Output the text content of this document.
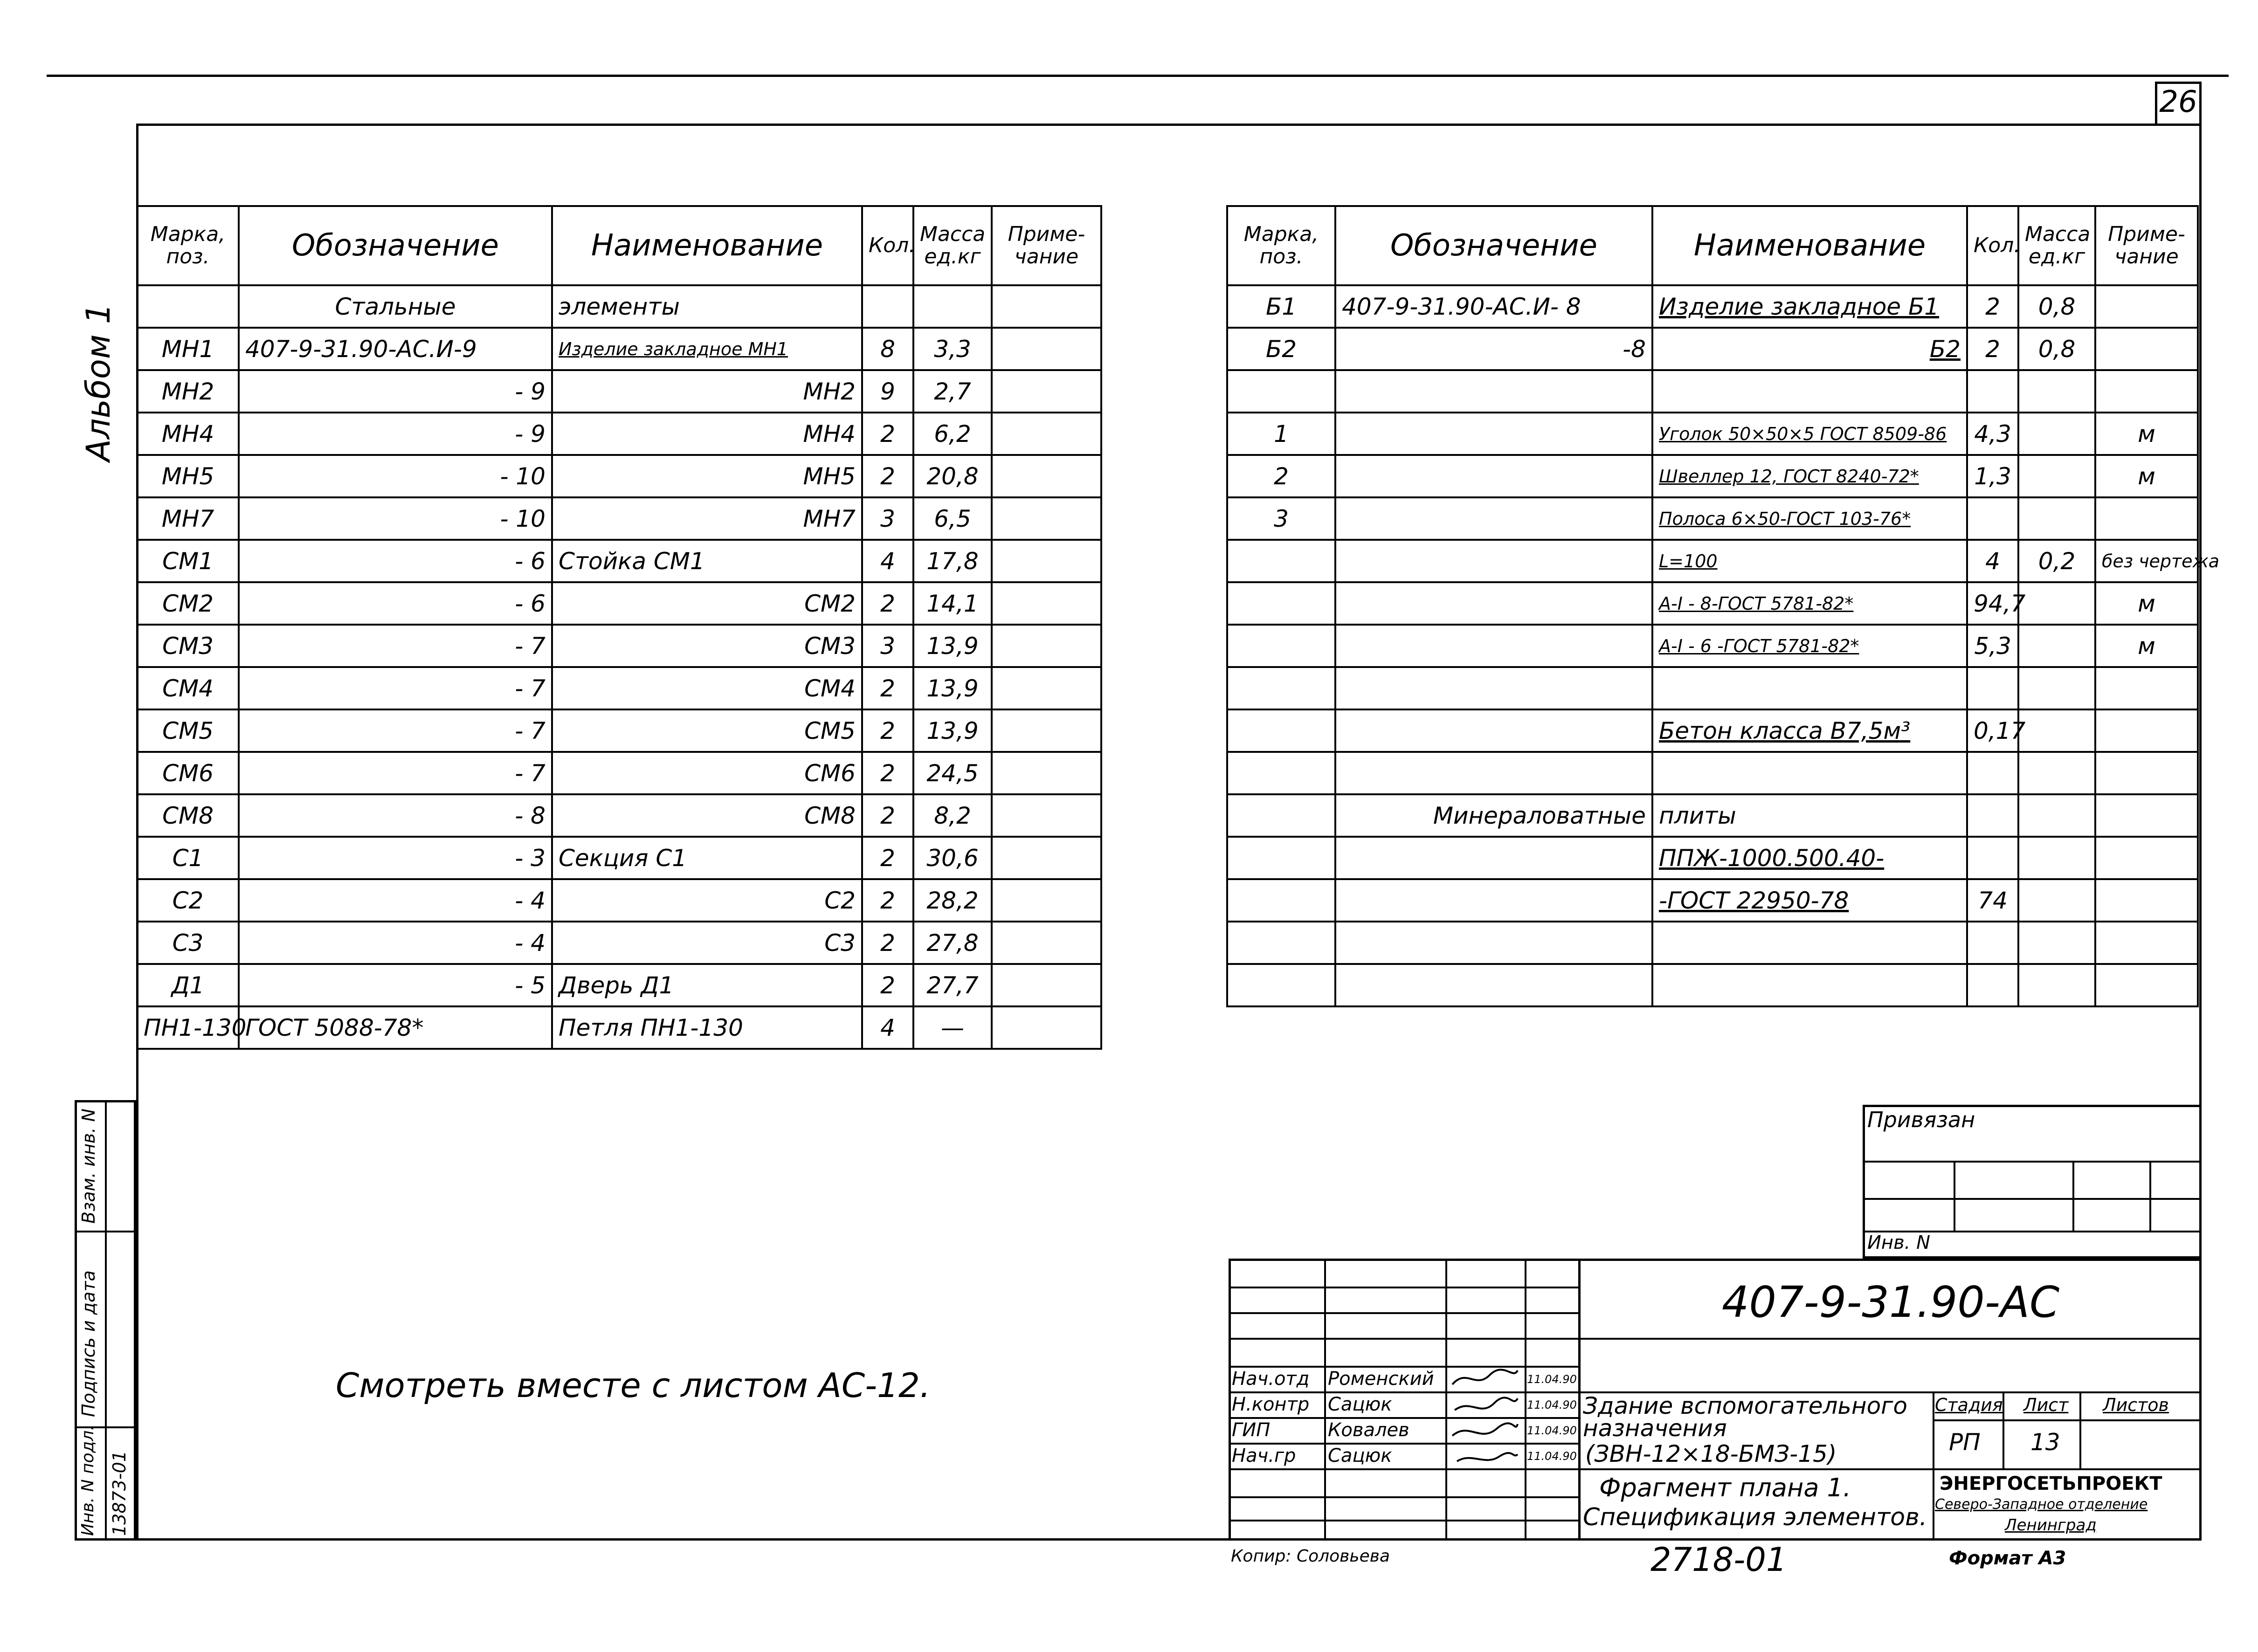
26
Альбом 1
Марка, поз.	Обозначение	Наименование	Кол.	Масса ед.кг	Приме- чание
	Стальные	элементы			
МН1	407-9-31.90-АС.И-9	Изделие закладное МН1	8	3,3	
МН2	- 9	МН2	9	2,7	
МН4	- 9	МН4	2	6,2	
МН5	- 10	МН5	2	20,8	
МН7	- 10	МН7	3	6,5	
СМ1	- 6	Стойка СМ1	4	17,8	
СМ2	- 6	СМ2	2	14,1	
СМ3	- 7	СМ3	3	13,9	
СМ4	- 7	СМ4	2	13,9	
СМ5	- 7	СМ5	2	13,9	
СМ6	- 7	СМ6	2	24,5	
СМ8	- 8	СМ8	2	8,2	
С1	- 3	Секция С1	2	30,6	
С2	- 4	С2	2	28,2	
С3	- 4	С3	2	27,8	
Д1	- 5	Дверь Д1	2	27,7	
ПН1-130	ГОСТ 5088-78*	Петля ПН1-130	4	—	
Марка, поз.	Обозначение	Наименование	Кол.	Масса ед.кг	Приме- чание
Б1	407-9-31.90-АС.И- 8	Изделие закладное Б1	2	0,8	
Б2	-8	Б2	2	0,8	

1		Уголок 50×50×5 ГОСТ 8509-86	4,3		м
2		Швеллер 12, ГОСТ 8240-72*	1,3		м
3		Полоса 6×50-ГОСТ 103-76*			
		L=100	4	0,2	без чертежа
		А-I - 8-ГОСТ 5781-82*	94,7		м
		А-I - 6 -ГОСТ 5781-82*	5,3		м

		Бетон класса В7,5м³	0,17		

	Минераловатные	плиты			
		ППЖ-1000.500.40-			
		-ГОСТ 22950-78	74		

Смотреть вместе с листом АС-12.
Взам. инв. N
Подпись и дата
Инв. N подл. 13873-01
Привязан
Инв. N
Нач.отд Роменский	11.04.90
Н.контр Сацюк	11.04.90
ГИП	Ковалев	11.04.90
Нач.гр Сацюк	11.04.90
407-9-31.90-АС
Здание вспомогательного назначения
(ЗВН-12×18-БМЗ-15)
Фрагмент плана 1.
Спецификация элементов.
Стадия Лист Листов
РП 13
ЭНЕРГОСЕТЬПРОЕКТ
Северо-Западное отделение
Ленинград
Копир: Соловьева	2718-01	Формат А3
